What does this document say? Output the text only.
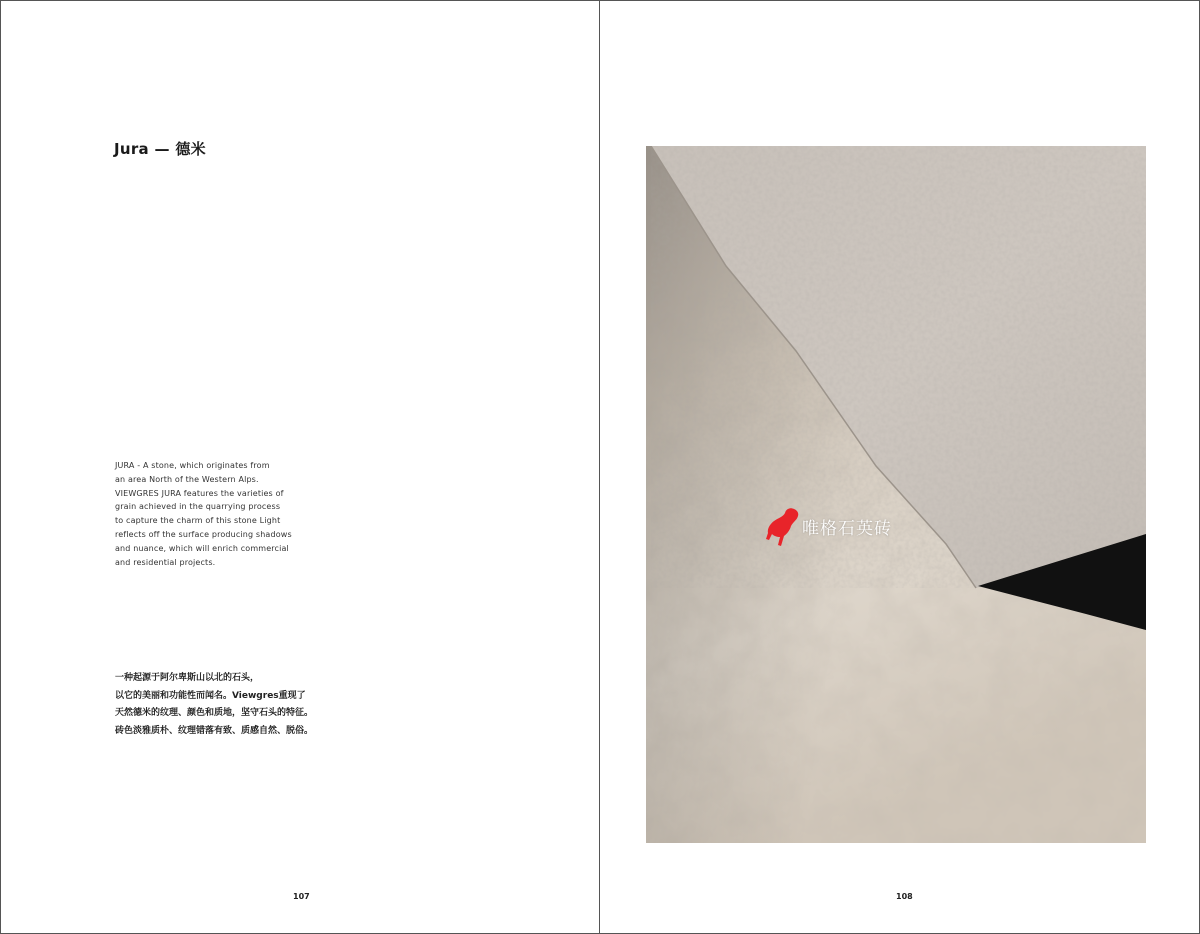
Jura — 德米
JURA - A stone, which originates from
an area North of the Western Alps.
VIEWGRES JURA features the varieties of
grain achieved in the quarrying process
to capture the charm of this stone Light
reflects off the surface producing shadows
and nuance, which will enrich commercial
and residential projects.
一种起源于阿尔卑斯山以北的石头，
以它的美丽和功能性而闻名。Viewgres重现了
天然德米的纹理、颜色和质地，坚守石头的特征。
砖色淡雅质朴、纹理错落有致、质感自然、脱俗。
107
唯格石英砖
108
